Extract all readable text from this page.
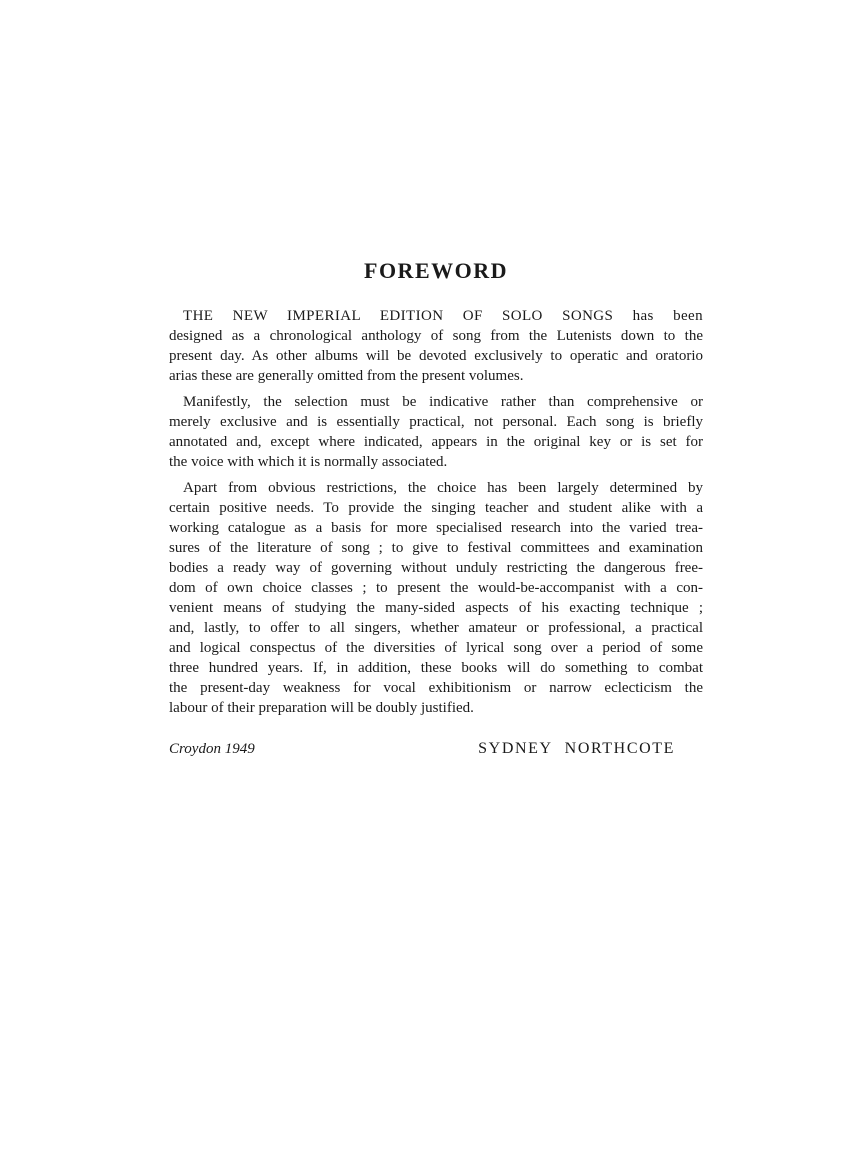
FOREWORD
THE NEW IMPERIAL EDITION OF SOLO SONGS has been
designed as a chronological anthology of song from the Lutenists down to the
present day. As other albums will be devoted exclusively to operatic and oratorio
arias these are generally omitted from the present volumes.
Manifestly, the selection must be indicative rather than comprehensive or
merely exclusive and is essentially practical, not personal. Each song is briefly
annotated and, except where indicated, appears in the original key or is set for
the voice with which it is normally associated.
Apart from obvious restrictions, the choice has been largely determined by
certain positive needs. To provide the singing teacher and student alike with a
working catalogue as a basis for more specialised research into the varied trea-
sures of the literature of song ; to give to festival committees and examination
bodies a ready way of governing without unduly restricting the dangerous free-
dom of own choice classes ; to present the would-be-accompanist with a con-
venient means of studying the many-sided aspects of his exacting technique ;
and, lastly, to offer to all singers, whether amateur or professional, a practical
and logical conspectus of the diversities of lyrical song over a period of some
three hundred years. If, in addition, these books will do something to combat
the present-day weakness for vocal exhibitionism or narrow eclecticism the
labour of their preparation will be doubly justified.
Croydon 1949	SYDNEY NORTHCOTE
